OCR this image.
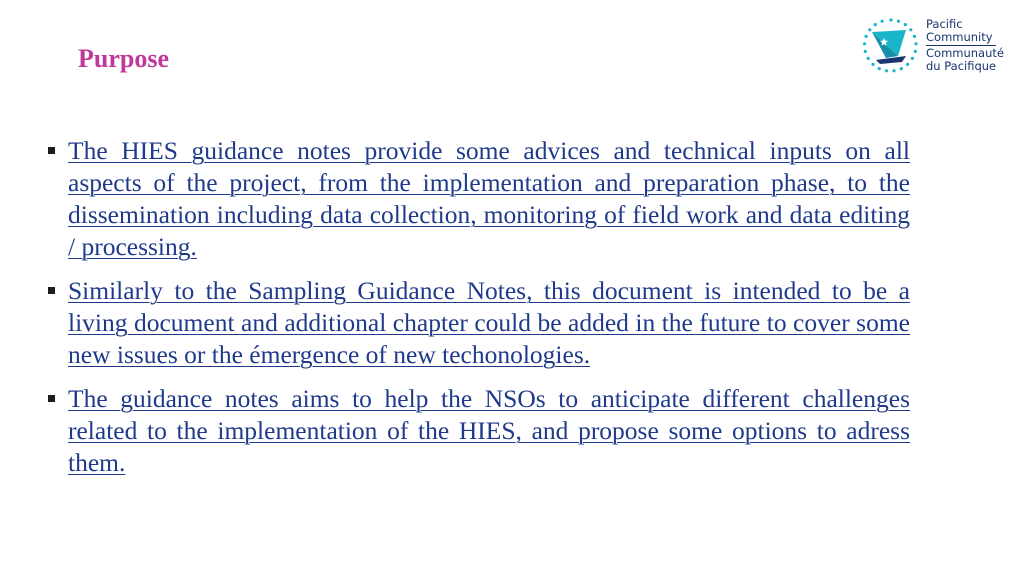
Purpose
Pacific
Community
Communauté
du Pacifique
The HIES guidance notes provide some advices and technical inputs on all aspects of the project, from the implementation and preparation phase, to the dissemination including data collection, monitoring of field work and data editing / processing.
Similarly to the Sampling Guidance Notes, this document is intended to be a living document and additional chapter could be added in the future to cover some new issues or the émergence of new techonologies.
The guidance notes aims to help the NSOs to anticipate different challenges related to the implementation of the HIES, and propose some options to adress them.
